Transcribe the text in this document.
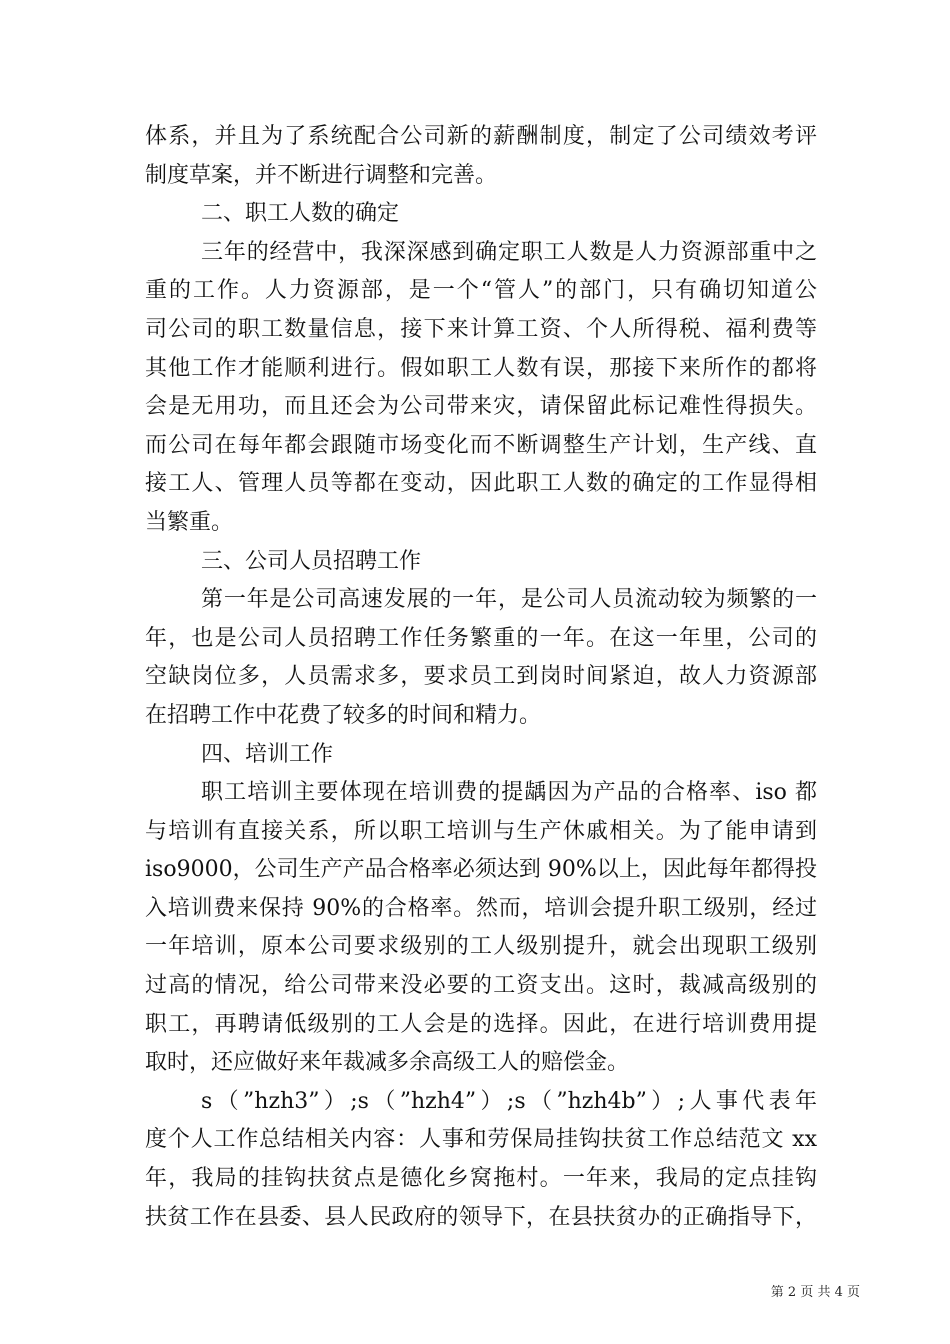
体系，并且为了系统配合公司新的薪酬制度，制定了公司绩效考评
制度草案，并不断进行调整和完善。
二、职工人数的确定
三年的经营中，我深深感到确定职工人数是人力资源部重中之
重的工作。人力资源部，是一个“管人”的部门，只有确切知道公
司公司的职工数量信息，接下来计算工资、个人所得税、福利费等
其他工作才能顺利进行。假如职工人数有误，那接下来所作的都将
会是无用功，而且还会为公司带来灾，请保留此标记难性得损失。
而公司在每年都会跟随市场变化而不断调整生产计划，生产线、直
接工人、管理人员等都在变动，因此职工人数的确定的工作显得相
当繁重。
三、公司人员招聘工作
第一年是公司高速发展的一年，是公司人员流动较为频繁的一
年，也是公司人员招聘工作任务繁重的一年。在这一年里，公司的
空缺岗位多，人员需求多，要求员工到岗时间紧迫，故人力资源部
在招聘工作中花费了较多的时间和精力。
四、培训工作
职工培训主要体现在培训费的提龋因为产品的合格率、iso 都
与培训有直接关系，所以职工培训与生产休戚相关。为了能申请到
iso9000，公司生产产品合格率必须达到 90%以上，因此每年都得投
入培训费来保持 90%的合格率。然而，培训会提升职工级别，经过
一年培训，原本公司要求级别的工人级别提升，就会出现职工级别
过高的情况，给公司带来没必要的工资支出。这时，裁减高级别的
职工，再聘请低级别的工人会是的选择。因此，在进行培训费用提
取时，还应做好来年裁减多余高级工人的赔偿金。
s（”hzh3”）;s（”hzh4”）;s（”hzh4b”）;人事代表年
度个人工作总结相关内容：人事和劳保局挂钩扶贫工作总结范文 xx
年，我局的挂钩扶贫点是德化乡窝拖村。一年来，我局的定点挂钩
扶贫工作在县委、县人民政府的领导下，在县扶贫办的正确指导下，
第 2 页 共 4 页
